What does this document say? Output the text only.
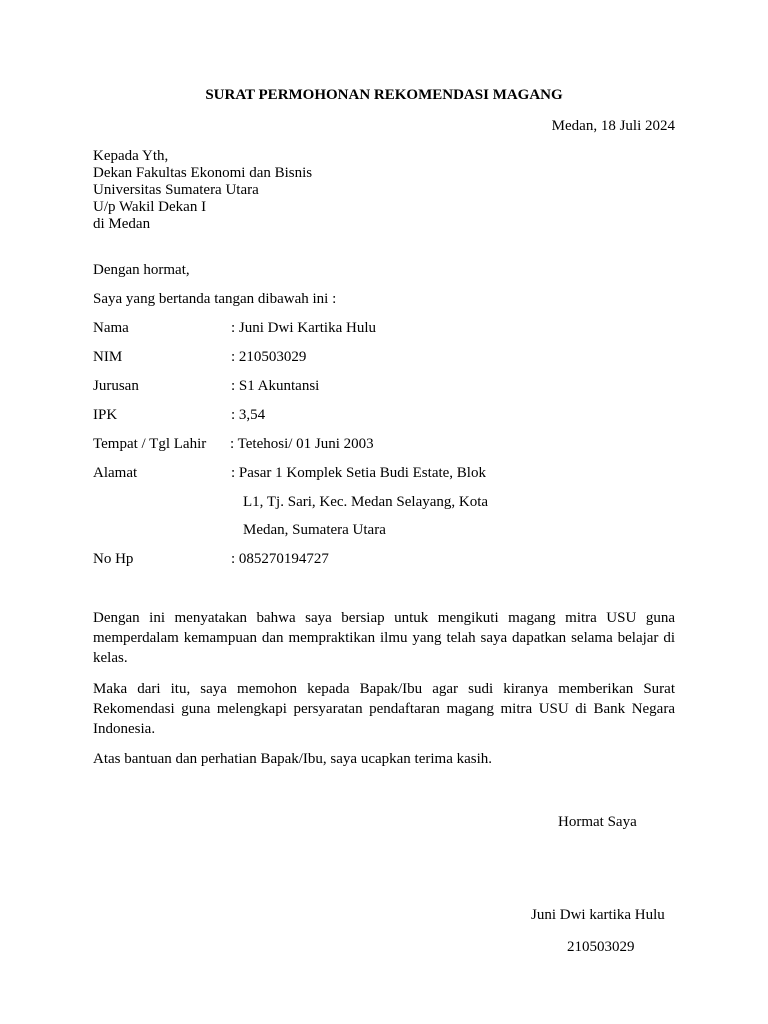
SURAT PERMOHONAN REKOMENDASI MAGANG
Medan, 18 Juli 2024
Kepada Yth,
Dekan Fakultas Ekonomi dan Bisnis
Universitas Sumatera Utara
U/p Wakil Dekan I
di Medan
Dengan hormat,
Saya yang bertanda tangan dibawah ini :
Nama	: Juni Dwi Kartika Hulu
NIM	: 210503029
Jurusan	: S1 Akuntansi
IPK	: 3,54
Tempat / Tgl Lahir : Tetehosi/ 01 Juni 2003
Alamat	: Pasar 1 Komplek Setia Budi Estate, Blok
L1, Tj. Sari, Kec. Medan Selayang, Kota
Medan, Sumatera Utara
No Hp	: 085270194727
Dengan ini menyatakan bahwa saya bersiap untuk mengikuti magang mitra USU guna memperdalam kemampuan dan mempraktikan ilmu yang telah saya dapatkan selama belajar di kelas.
Maka dari itu, saya memohon kepada Bapak/Ibu agar sudi kiranya memberikan Surat Rekomendasi guna melengkapi persyaratan pendaftaran magang mitra USU di Bank Negara Indonesia.
Atas bantuan dan perhatian Bapak/Ibu, saya ucapkan terima kasih.
Hormat Saya
Juni Dwi kartika Hulu
210503029
